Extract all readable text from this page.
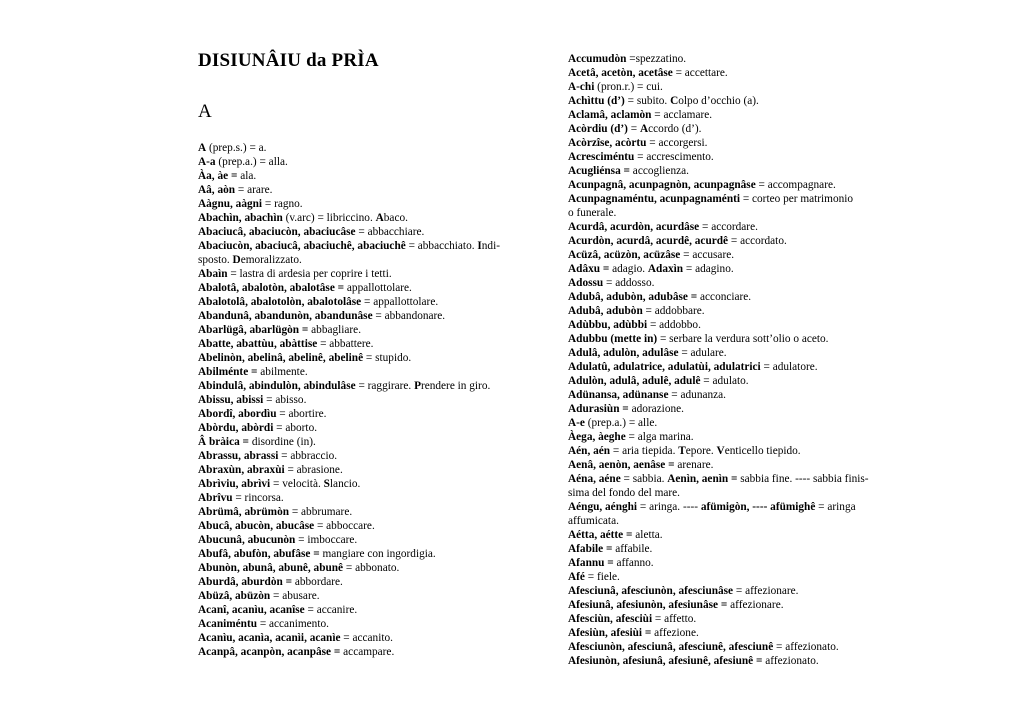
DISIUNÂIU da PRÌA
A
A (prep.s.) = a.
A-a (prep.a.) = alla.
Àa, àe = ala.
Aâ, aòn = arare.
Aàgnu, aàgni = ragno.
Abachìn, abachìn (v.arc) = libriccino. Abaco.
Abaciucâ, abaciucòn, abaciucâse = abbacchiare.
Abaciucòn, abaciucâ, abaciuchê, abaciuchê = abbacchiato. Indi-
sposto. Demoralizzato.
Abaìn = lastra di ardesia per coprire i tetti.
Abalotâ, abalotòn, abalotâse = appallottolare.
Abalotolâ, abalotolòn, abalotolâse = appallottolare.
Abandunâ, abandunòn, abandunâse = abbandonare.
Abarlügâ, abarlügòn = abbagliare.
Abatte, abattùu, abàttise = abbattere.
Abelinòn, abelinâ, abelinê, abelinê = stupido.
Abilménte = abilmente.
Abindulâ, abindulòn, abindulâse = raggirare. Prendere in giro.
Abissu, abissi = abisso.
Abordî, abordìu = abortire.
Abòrdu, abòrdi = aborto.
Â bràica = disordine (in).
Abrassu, abrassi = abbraccio.
Abraxùn, abraxùi = abrasione.
Abrìviu, abrìvi = velocità. Slancio.
Abrîvu = rincorsa.
Abrümâ, abrümòn = abbrumare.
Abucâ, abucòn, abucâse = abboccare.
Abucunâ, abucunòn = imboccare.
Abufâ, abufòn, abufâse = mangiare con ingordigia.
Abunòn, abunâ, abunê, abunê = abbonato.
Aburdâ, aburdòn = abbordare.
Abüzâ, abüzòn = abusare.
Acanî, acanìu, acanîse = accanire.
Acaniméntu = accanimento.
Acanìu, acanìa, acanìi, acanìe = accanito.
Acanpâ, acanpòn, acanpâse = accampare.
Accumudòn =spezzatino.
Acetâ, acetòn, acetâse = accettare.
A-chi (pron.r.) = cui.
Achìttu (d’) = subito. Colpo d’occhio (a).
Aclamâ, aclamòn = acclamare.
Acòrdiu (d’) = Accordo (d’).
Acòrzîse, acòrtu = accorgersi.
Acresciméntu = accrescimento.
Acugliénsa = accoglienza.
Acunpagnâ, acunpagnòn, acunpagnâse = accompagnare.
Acunpagnaméntu, acunpagnaménti = corteo per matrimonio
o funerale.
Acurdâ, acurdòn, acurdâse = accordare.
Acurdòn, acurdâ, acurdê, acurdê = accordato.
Acüzâ, acüzòn, acüzâse = accusare.
Adâxu = adagio. Adaxìn = adagino.
Adossu = addosso.
Adubâ, adubòn, adubâse = acconciare.
Adubâ, adubòn = addobbare.
Adùbbu, adùbbi = addobbo.
Adubbu (mette in) = serbare la verdura sott’olio o aceto.
Adulâ, adulòn, adulâse = adulare.
Adulatû, adulatrice, adulatùi, adulatrici = adulatore.
Adulòn, adulâ, adulê, adulê = adulato.
Adünansa, adünanse = adunanza.
Adurasiùn = adorazione.
A-e (prep.a.) = alle.
Àega, àeghe = alga marina.
Aén, aén = aria tiepida. Tepore. Venticello tiepido.
Aenâ, aenòn, aenâse = arenare.
Aéna, aéne = sabbia. Aenìn, aenìn = sabbia fine. ---- sabbia finis-
sima del fondo del mare.
Aéngu, aénghi = aringa. ---- afümigòn, ---- afümighê = aringa
affumicata.
Aétta, aétte = aletta.
Afabile = affabile.
Afannu = affanno.
Afé = fiele.
Afesciunâ, afesciunòn, afesciunâse = affezionare.
Afesiunâ, afesiunòn, afesiunâse = affezionare.
Afesciùn, afesciùi = affetto.
Afesiùn, afesiùi = affezione.
Afesciunòn, afesciunâ, afesciunê, afesciunê = affezionato.
Afesiunòn, afesiunâ, afesiunê, afesiunê = affezionato.
